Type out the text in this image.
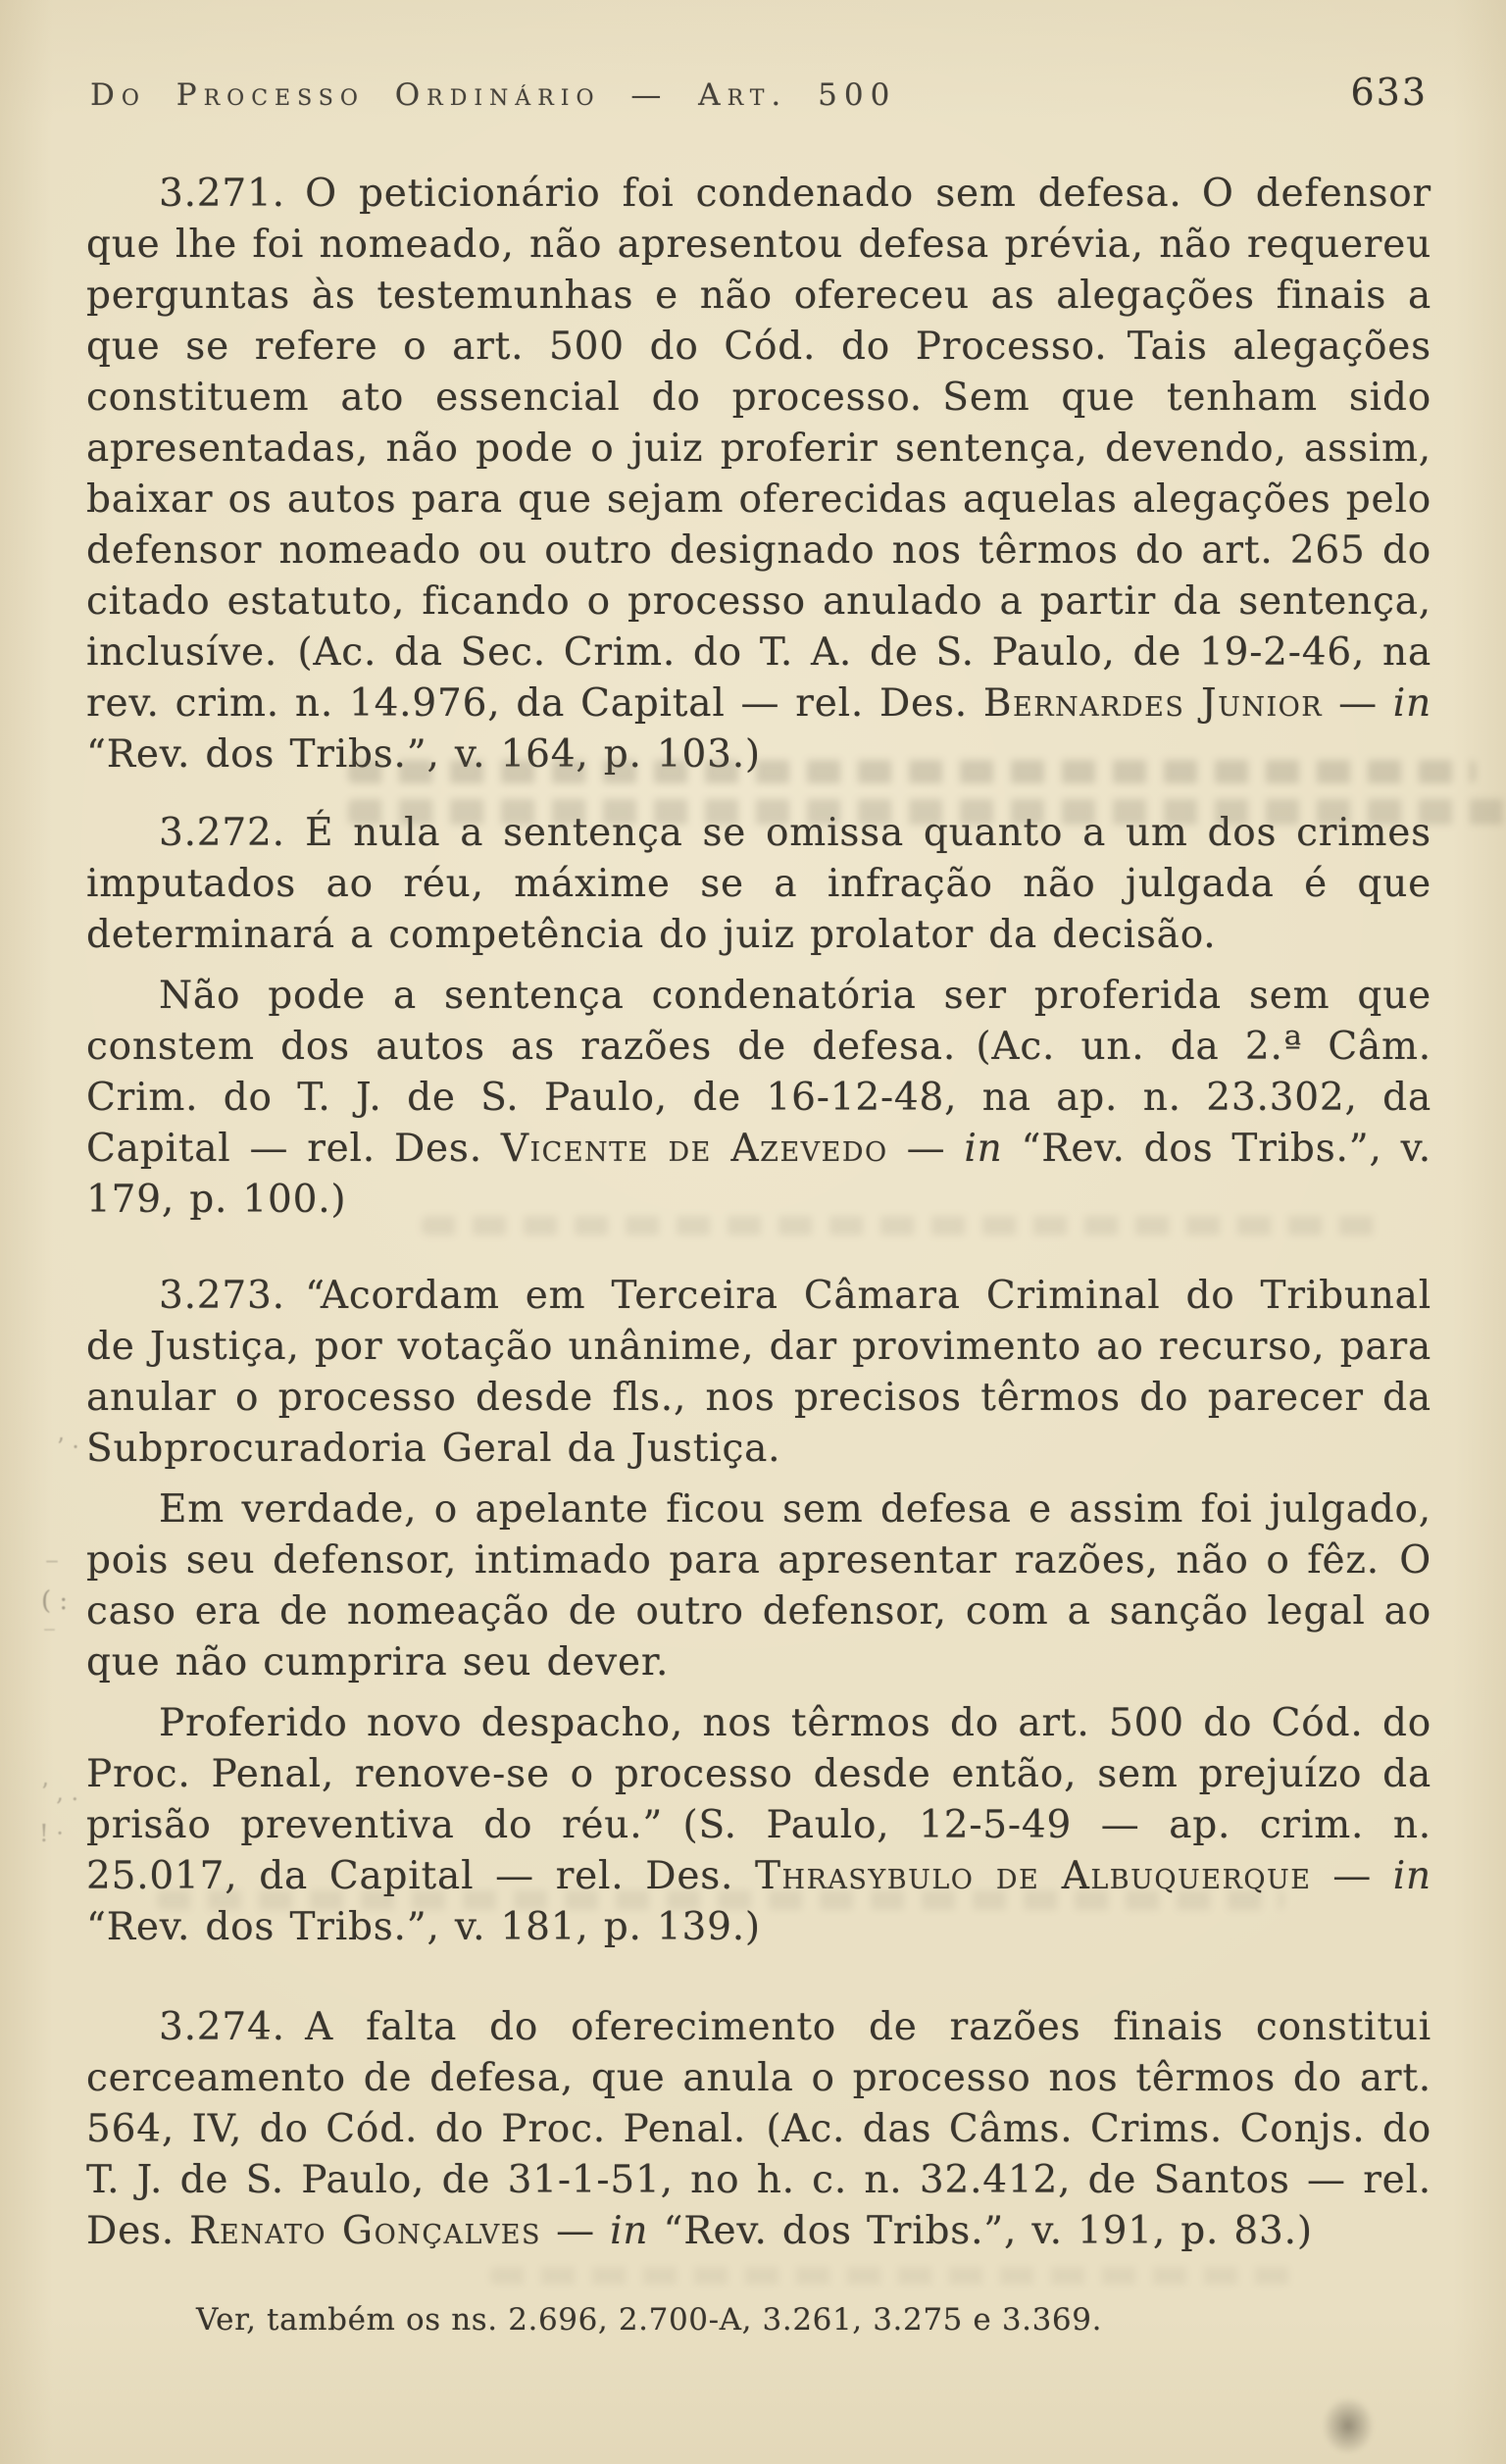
Do Processo Ordinário — Art. 500	633

3.271. O peticionário foi condenado sem defesa. O defensor que lhe foi nomeado, não apresentou defesa prévia, não requereu perguntas às testemunhas e não ofereceu as alegações finais a que se refere o art. 500 do Cód. do Processo. Tais alegações constituem ato essencial do processo. Sem que tenham sido apresentadas, não pode o juiz proferir sentença, devendo, assim, baixar os autos para que sejam oferecidas aquelas alegações pelo defensor nomeado ou outro designado nos têrmos do art. 265 do citado estatuto, ficando o processo anulado a partir da sentença, inclusíve. (Ac. da Sec. Crim. do T. A. de S. Paulo, de 19-2-46, na rev. crim. n. 14.976, da Capital — rel. Des. Bernardes Junior — in “Rev. dos Tribs.”, v. 164, p. 103.)

3.272. É nula a sentença se omissa quanto a um dos crimes imputados ao réu, máxime se a infração não julgada é que determinará a competência do juiz prolator da decisão.

Não pode a sentença condenatória ser proferida sem que constem dos autos as razões de defesa. (Ac. un. da 2.ª Câm. Crim. do T. J. de S. Paulo, de 16-12-48, na ap. n. 23.302, da Capital — rel. Des. Vicente de Azevedo — in “Rev. dos Tribs.”, v. 179, p. 100.)

3.273. “Acordam em Terceira Câmara Criminal do Tribunal de Justiça, por votação unânime, dar provimento ao recurso, para anular o processo desde fls., nos precisos têrmos do parecer da Subprocuradoria Geral da Justiça.

Em verdade, o apelante ficou sem defesa e assim foi julgado, pois seu defensor, intimado para apresentar razões, não o fêz. O caso era de nomeação de outro defensor, com a sanção legal ao que não cumprira seu dever.

Proferido novo despacho, nos têrmos do art. 500 do Cód. do Proc. Penal, renove-se o processo desde então, sem prejuízo da prisão preventiva do réu.” (S. Paulo, 12-5-49 — ap. crim. n. 25.017, da Capital — rel. Des. Thrasybulo de Albuquerque — in “Rev. dos Tribs.”, v. 181, p. 139.)

3.274. A falta do oferecimento de razões finais constitui cerceamento de defesa, que anula o processo nos têrmos do art. 564, IV, do Cód. do Proc. Penal. (Ac. das Câms. Crims. Conjs. do T. J. de S. Paulo, de 31-1-51, no h. c. n. 32.412, de Santos — rel. Des. Renato Gonçalves — in “Rev. dos Tribs.”, v. 191, p. 83.)

Ver, também os ns. 2.696, 2.700-A, 3.261, 3.275 e 3.369.

’ ·
–
( :
–
’ , .
! ·
